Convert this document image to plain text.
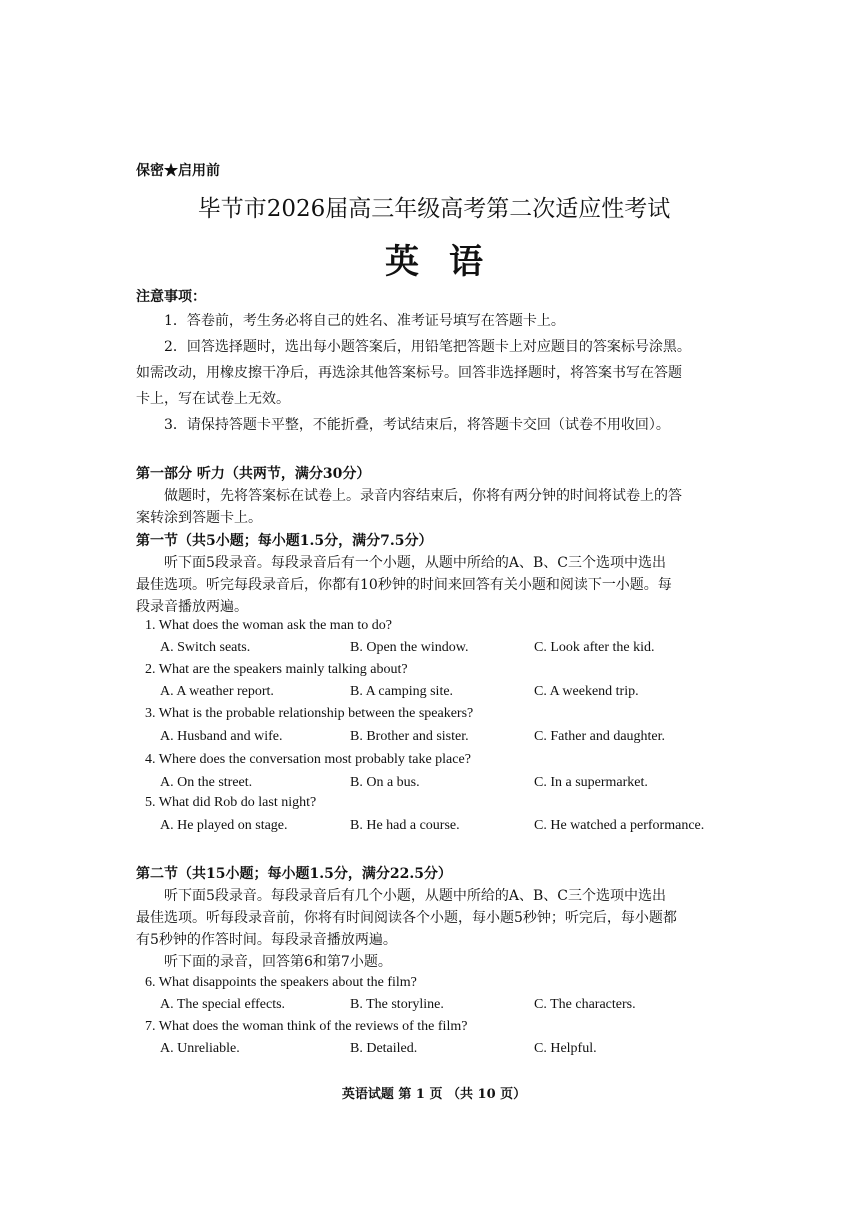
保密★启用前
毕节市2026届高三年级高考第二次适应性考试
英语
注意事项：
1．答卷前，考生务必将自己的姓名、准考证号填写在答题卡上。
2．回答选择题时，选出每小题答案后，用铅笔把答题卡上对应题目的答案标号涂黑。
如需改动，用橡皮擦干净后，再选涂其他答案标号。回答非选择题时，将答案书写在答题
卡上，写在试卷上无效。
3．请保持答题卡平整，不能折叠，考试结束后，将答题卡交回（试卷不用收回）。
第一部分 听力（共两节，满分30分）
做题时，先将答案标在试卷上。录音内容结束后，你将有两分钟的时间将试卷上的答
案转涂到答题卡上。
第一节（共5小题；每小题1.5分，满分7.5分）
听下面5段录音。每段录音后有一个小题，从题中所给的A、B、C三个选项中选出
最佳选项。听完每段录音后，你都有10秒钟的时间来回答有关小题和阅读下一小题。每
段录音播放两遍。
1. What does the woman ask the man to do?
A. Switch seats.	B. Open the window.	C. Look after the kid.
2. What are the speakers mainly talking about?
A. A weather report.	B. A camping site.	C. A weekend trip.
3. What is the probable relationship between the speakers?
A. Husband and wife.	B. Brother and sister.	C. Father and daughter.
4. Where does the conversation most probably take place?
A. On the street.	B. On a bus.	C. In a supermarket.
5. What did Rob do last night?
A. He played on stage.	B. He had a course.	C. He watched a performance.
第二节（共15小题；每小题1.5分，满分22.5分）
听下面5段录音。每段录音后有几个小题，从题中所给的A、B、C三个选项中选出
最佳选项。听每段录音前，你将有时间阅读各个小题，每小题5秒钟；听完后，每小题都
有5秒钟的作答时间。每段录音播放两遍。
听下面的录音，回答第6和第7小题。
6. What disappoints the speakers about the film?
A. The special effects.	B. The storyline.	C. The characters.
7. What does the woman think of the reviews of the film?
A. Unreliable.	B. Detailed.	C. Helpful.
英语试题 第 1 页 （共 10 页）
